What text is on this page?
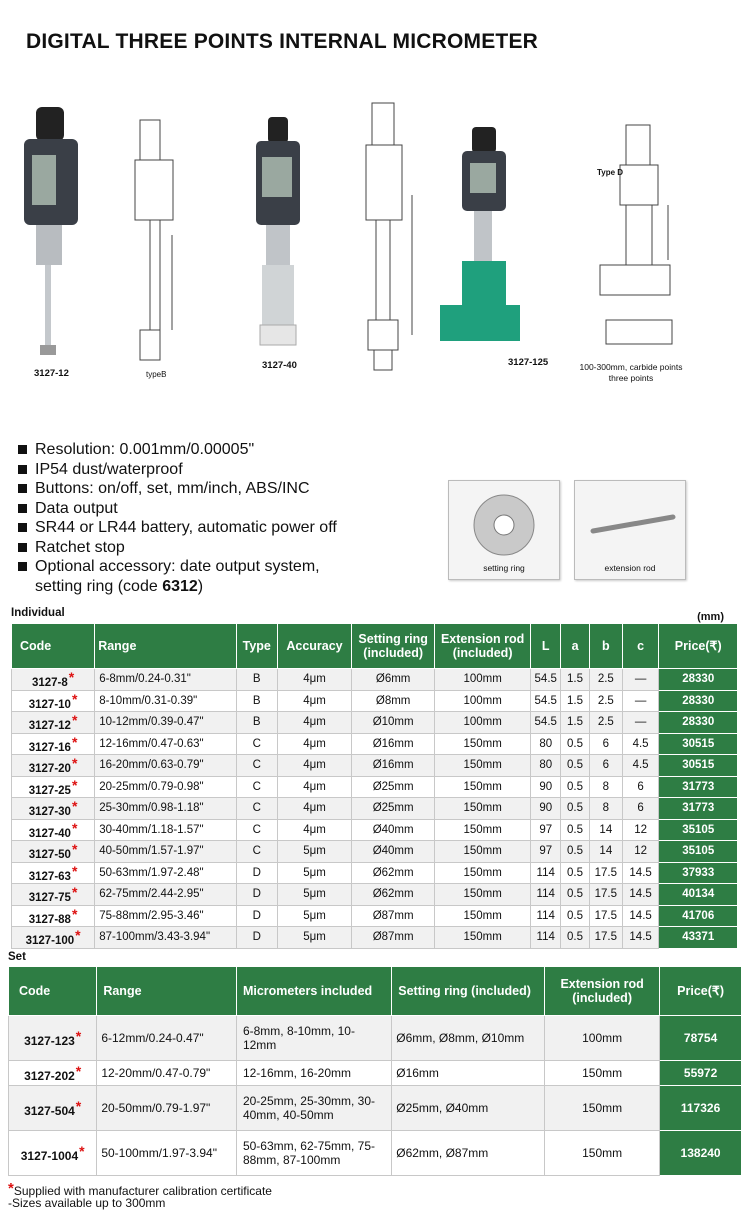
DIGITAL THREE POINTS INTERNAL MICROMETER
3127-12	typeB
3127-40	3127-125
Type D
100-300mm, carbide points
three points
Resolution: 0.001mm/0.00005"
IP54 dust/waterproof
Buttons: on/off, set, mm/inch, ABS/INC
Data output
SR44 or LR44 battery, automatic power off
Ratchet stop
Optional accessory: date output system,
setting ring (code 6312)
setting ring	extension rod
Individual	(mm)
Code	Range	Type	Accuracy	Setting ring (included)	Extension rod (included)	L	a	b	c	Price(₹)
3127-8*	6-8mm/0.24-0.31"	B	4μm	Ø6mm	100mm	54.5	1.5	2.5	—	28330
3127-10*	8-10mm/0.31-0.39"	B	4μm	Ø8mm	100mm	54.5	1.5	2.5	—	28330
3127-12*	10-12mm/0.39-0.47"	B	4μm	Ø10mm	100mm	54.5	1.5	2.5	—	28330
3127-16*	12-16mm/0.47-0.63"	C	4μm	Ø16mm	150mm	80	0.5	6	4.5	30515
3127-20*	16-20mm/0.63-0.79"	C	4μm	Ø16mm	150mm	80	0.5	6	4.5	30515
3127-25*	20-25mm/0.79-0.98"	C	4μm	Ø25mm	150mm	90	0.5	8	6	31773
3127-30*	25-30mm/0.98-1.18"	C	4μm	Ø25mm	150mm	90	0.5	8	6	31773
3127-40*	30-40mm/1.18-1.57"	C	4μm	Ø40mm	150mm	97	0.5	14	12	35105
3127-50*	40-50mm/1.57-1.97"	C	5μm	Ø40mm	150mm	97	0.5	14	12	35105
3127-63*	50-63mm/1.97-2.48"	D	5μm	Ø62mm	150mm	114	0.5	17.5	14.5	37933
3127-75*	62-75mm/2.44-2.95"	D	5μm	Ø62mm	150mm	114	0.5	17.5	14.5	40134
3127-88*	75-88mm/2.95-3.46"	D	5μm	Ø87mm	150mm	114	0.5	17.5	14.5	41706
3127-100*	87-100mm/3.43-3.94"	D	5μm	Ø87mm	150mm	114	0.5	17.5	14.5	43371
Set
Code	Range	Micrometers included	Setting ring (included)	Extension rod (included)	Price(₹)
3127-123*	6-12mm/0.24-0.47"	6-8mm, 8-10mm, 10-12mm	Ø6mm, Ø8mm, Ø10mm	100mm	78754
3127-202*	12-20mm/0.47-0.79"	12-16mm, 16-20mm	Ø16mm	150mm	55972
3127-504*	20-50mm/0.79-1.97"	20-25mm, 25-30mm, 30-40mm, 40-50mm	Ø25mm, Ø40mm	150mm	117326
3127-1004*	50-100mm/1.97-3.94"	50-63mm, 62-75mm, 75-88mm, 87-100mm	Ø62mm, Ø87mm	150mm	138240
*Supplied with manufacturer calibration certificate
-Sizes available up to 300mm
